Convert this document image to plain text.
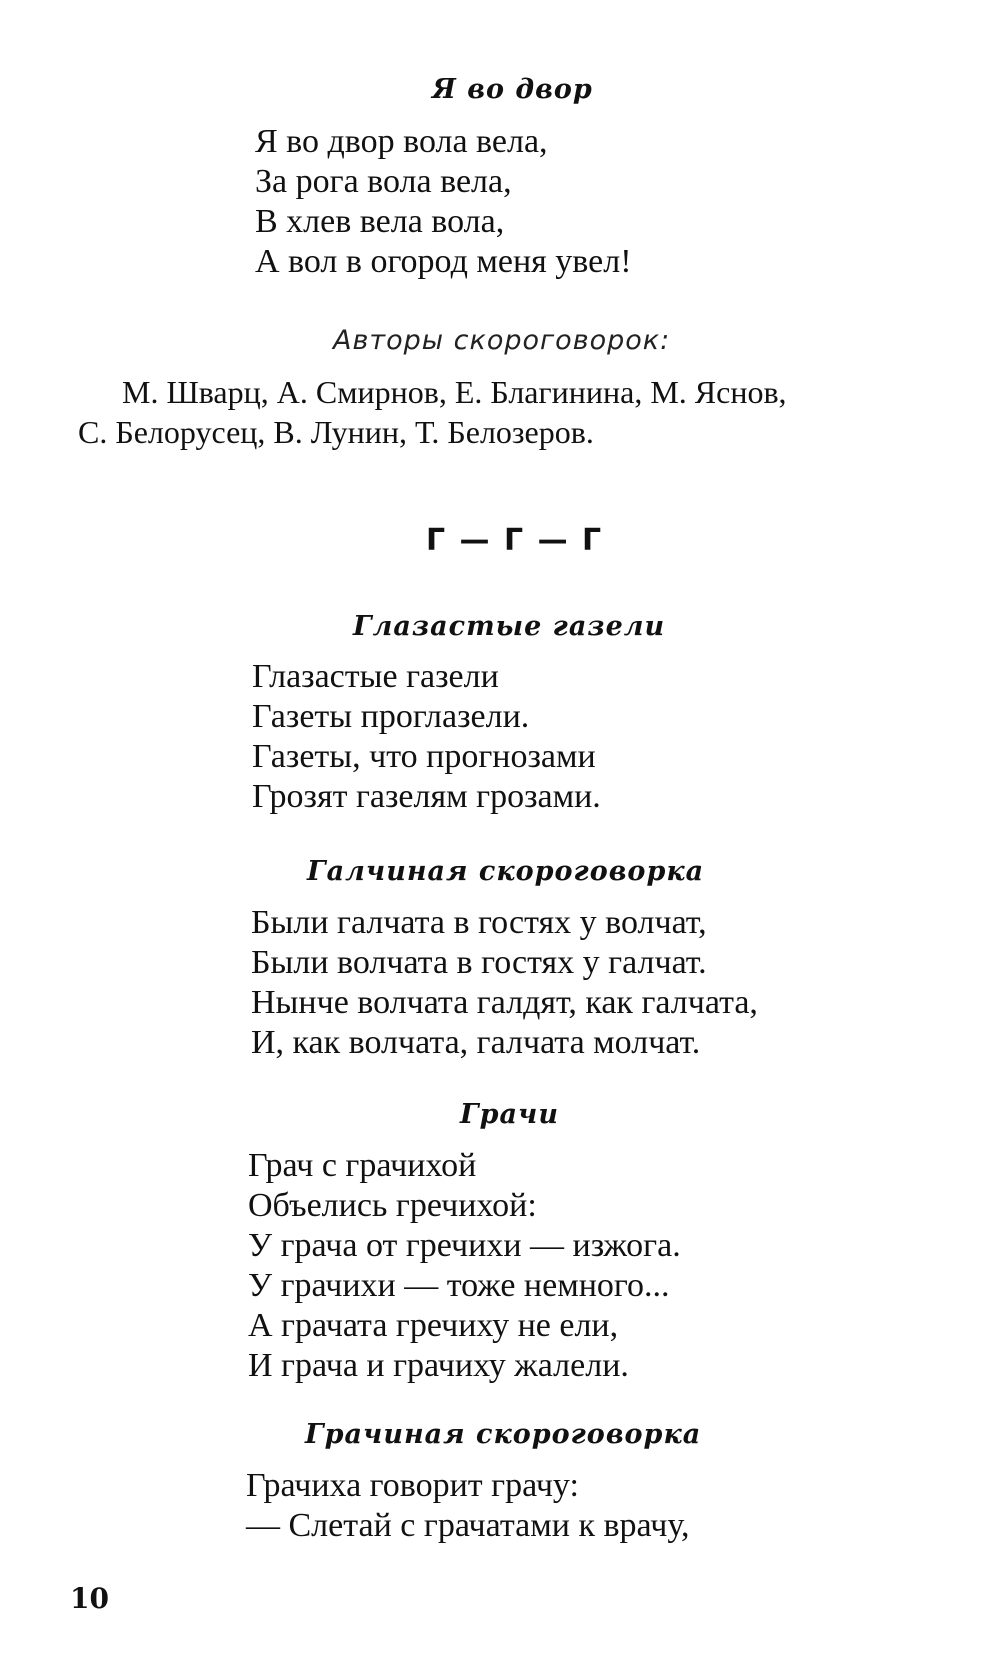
Я во двор
Я во двор вола вела,
За рога вола вела,
В хлев вела вола,
А вол в огород меня увел!

Авторы скороговорок:

М. Шварц, А. Смирнов, Е. Благинина, М. Яснов,

С. Белорусец, В. Лунин, Т. Белозеров.

Г — Г — Г
Глазастые газели
Глазастые газели
Газеты проглазели.
Газеты, что прогнозами
Грозят газелям грозами.
Галчиная скороговорка
Были галчата в гостях у волчат,
Были волчата в гостях у галчат.
Нынче волчата галдят, как галчата,
И, как волчата, галчата молчат.
Грачи
Грач с грачихой
Объелись гречихой:
У грача от гречихи — изжога.
У грачихи — тоже немного...
А грачата гречиху не ели,
И грача и грачиху жалели.
Грачиная скороговорка
Грачиха говорит грачу:
— Слетай с грачатами к врачу,

10
